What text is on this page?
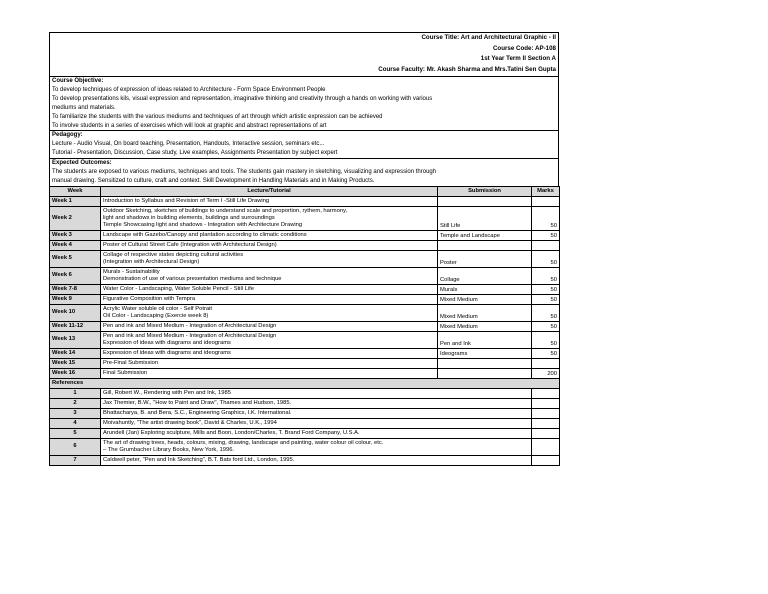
Course Title: Art and Architectural Graphic - II
Course Code: AP-108
1st Year Term II Section A
Course Faculty: Mr. Akash Sharma and Mrs.Tatini Sen Gupta
Course Objective:
To develop techniques of expression of ideas related to Architecture - Form Space Environment People
To develop presentations kils, visual expression and representation, imaginative thinking and creativity through a hands on working with various
mediums and materials.
To familiarize the students with the various mediums and techniques of art through which artistic expression can be achieved
To involve students in a series of exercises which will look at graphic and abstract representations of art
Pedagogy:
Lecture - Audio Visual, On board teaching, Presentation, Handouts, Interactive session, seminars etc...
Tutorial - Presentation, Discussion, Case study, Live examples, Assignments Presentation by subject expert
Expected Outcomes:
The students are exposed to various mediums, techniques and tools. The students gain mastery in sketching, visualizing and expression through
manual drawing. Sensitized to culture, craft and context. Skill Development in Handling Materials and in Making Products.
Week	Lecture/Tutorial	Submission	Marks
Week 1	Introduction to Syllabus and Revision of Term I -Still Life Drawing		

Week 2	Outdoor Sketching, sketches of buildings to understand scale and proportion, rythem, harmony,
light and shadows in building elements, buildings and surroundings
Temple Showcasing light and shadows - Integration with Architecture Drawing	Still Life	50
Week 3	Landscape with Gazebo/Canopy and plantation according to climatic conditions	Temple and Landscape	50
Week 4	Poster of Cultural Street Cafe (Integration with Architectural Design)		

Week 5	Collage of respective states depicting cultural activities
(Integration with Architectural Design)	Poster	50
Week 6	Murals - Sustainability
Demonstration of use of various presentation mediums and technique	Collage	50
Week 7-8	Water Color - Landscaping, Water Soluble Pencil - Still Life	Murals	50
Week 9	Figurative Composition with Tempra	Mixed Medium	50
Week 10	Acrylic Water soluble oil color - Self Potrait
Oil Color - Landscaping (Exercie week 8)	Mixed Medium	50
Week 11-12	Pen and ink and Mixed Medium - Integration of Architectural Design	Mixed Medium	50
Week 13	Pen and ink and Mixed Medium - Integration of Architectural Design
Expression of ideas with diagrams and ideograms	Pen and Ink	50
Week 14	Expression of ideas with diagrams and ideograms	Ideograms	50
Week 15	Pre-Final Submission		

Week 16	Final Submission		200
References			
1	Gill, Robert W., Rendering with Pen and Ink, 1985		

2	Jax Themier, B.W., "How to Paint and Draw", Thames and Hudson, 1985.		

3	Bhattacharya, B. and Bera, S.C., Engineering Graphics, I.K. International.		

4	Moivahuntly, "The artist drawing book", David & Charles, U.K., 1994		

5	Arundell (Jan) Exploring sculpture, Mills and Boon, London/Charles, T. Brand Ford Company, U.S.A.		

6	The art of drawing trees, heads, colours, mixing, drawing, landscape and painting, water colour oil colour, etc.
– The Grumbacher Library Books, New York, 1996.		

7	Caldwell peter, "Pen and Ink Sketching", B.T. Bats ford Ltd., London, 1995.		
